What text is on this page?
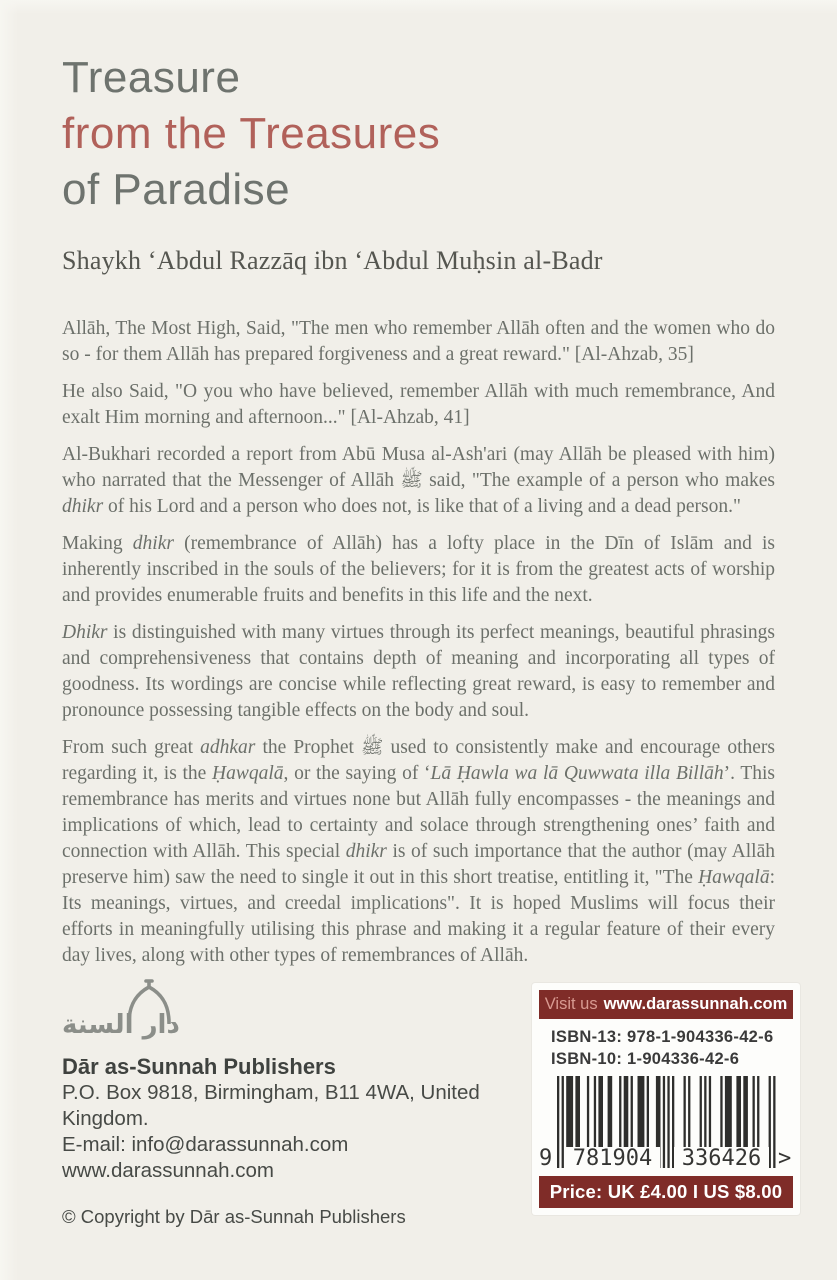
Treasure
from the Treasures
of Paradise
Shaykh ‘Abdul Razzāq ibn ‘Abdul Muḥsin al-Badr

Allāh, The Most High, Said, "The men who remember Allāh often and the women who do so - for them Allāh has prepared forgiveness and a great reward." [Al-Ahzab, 35]

He also Said, "O you who have believed, remember Allāh with much remembrance, And exalt Him morning and afternoon..." [Al-Ahzab, 41]

Al-Bukhari recorded a report from Abū Musa al-Ash'ari (may Allāh be pleased with him) who narrated that the Messenger of Allāh ﷺ said, "The example of a person who makes dhikr of his Lord and a person who does not, is like that of a living and a dead person."

Making dhikr (remembrance of Allāh) has a lofty place in the Dīn of Islām and is inherently inscribed in the souls of the believers; for it is from the greatest acts of worship and provides enumerable fruits and benefits in this life and the next.

Dhikr is distinguished with many virtues through its perfect meanings, beautiful phrasings and comprehensiveness that contains depth of meaning and incorporating all types of goodness. Its wordings are concise while reflecting great reward, is easy to remember and pronounce possessing tangible effects on the body and soul.

From such great adhkar the Prophet ﷺ used to consistently make and encourage others regarding it, is the Ḥawqalā, or the saying of ‘Lā Ḥawla wa lā Quwwata illa Billāh’. This remembrance has merits and virtues none but Allāh fully encompasses - the meanings and implications of which, lead to certainty and solace through strengthening ones’ faith and connection with Allāh. This special dhikr is of such importance that the author (may Allāh preserve him) saw the need to single it out in this short treatise, entitling it, "The Ḥawqalā: Its meanings, virtues, and creedal implications". It is hoped Muslims will focus their efforts in meaningfully utilising this phrase and making it a regular feature of their every day lives, along with other types of remembrances of Allāh.

دار السنة
Dār as-Sunnah Publishers
P.O. Box 9818, Birmingham, B11 4WA, United Kingdom.
E-mail: info@darassunnah.com
www.darassunnah.com
© Copyright by Dār as-Sunnah Publishers
Visit us www.darassunnah.com
ISBN-13: 978-1-904336-42-6
ISBN-10: 1-904336-42-6
9 781904	336426 >
Price: UK £4.00 I US $8.00
